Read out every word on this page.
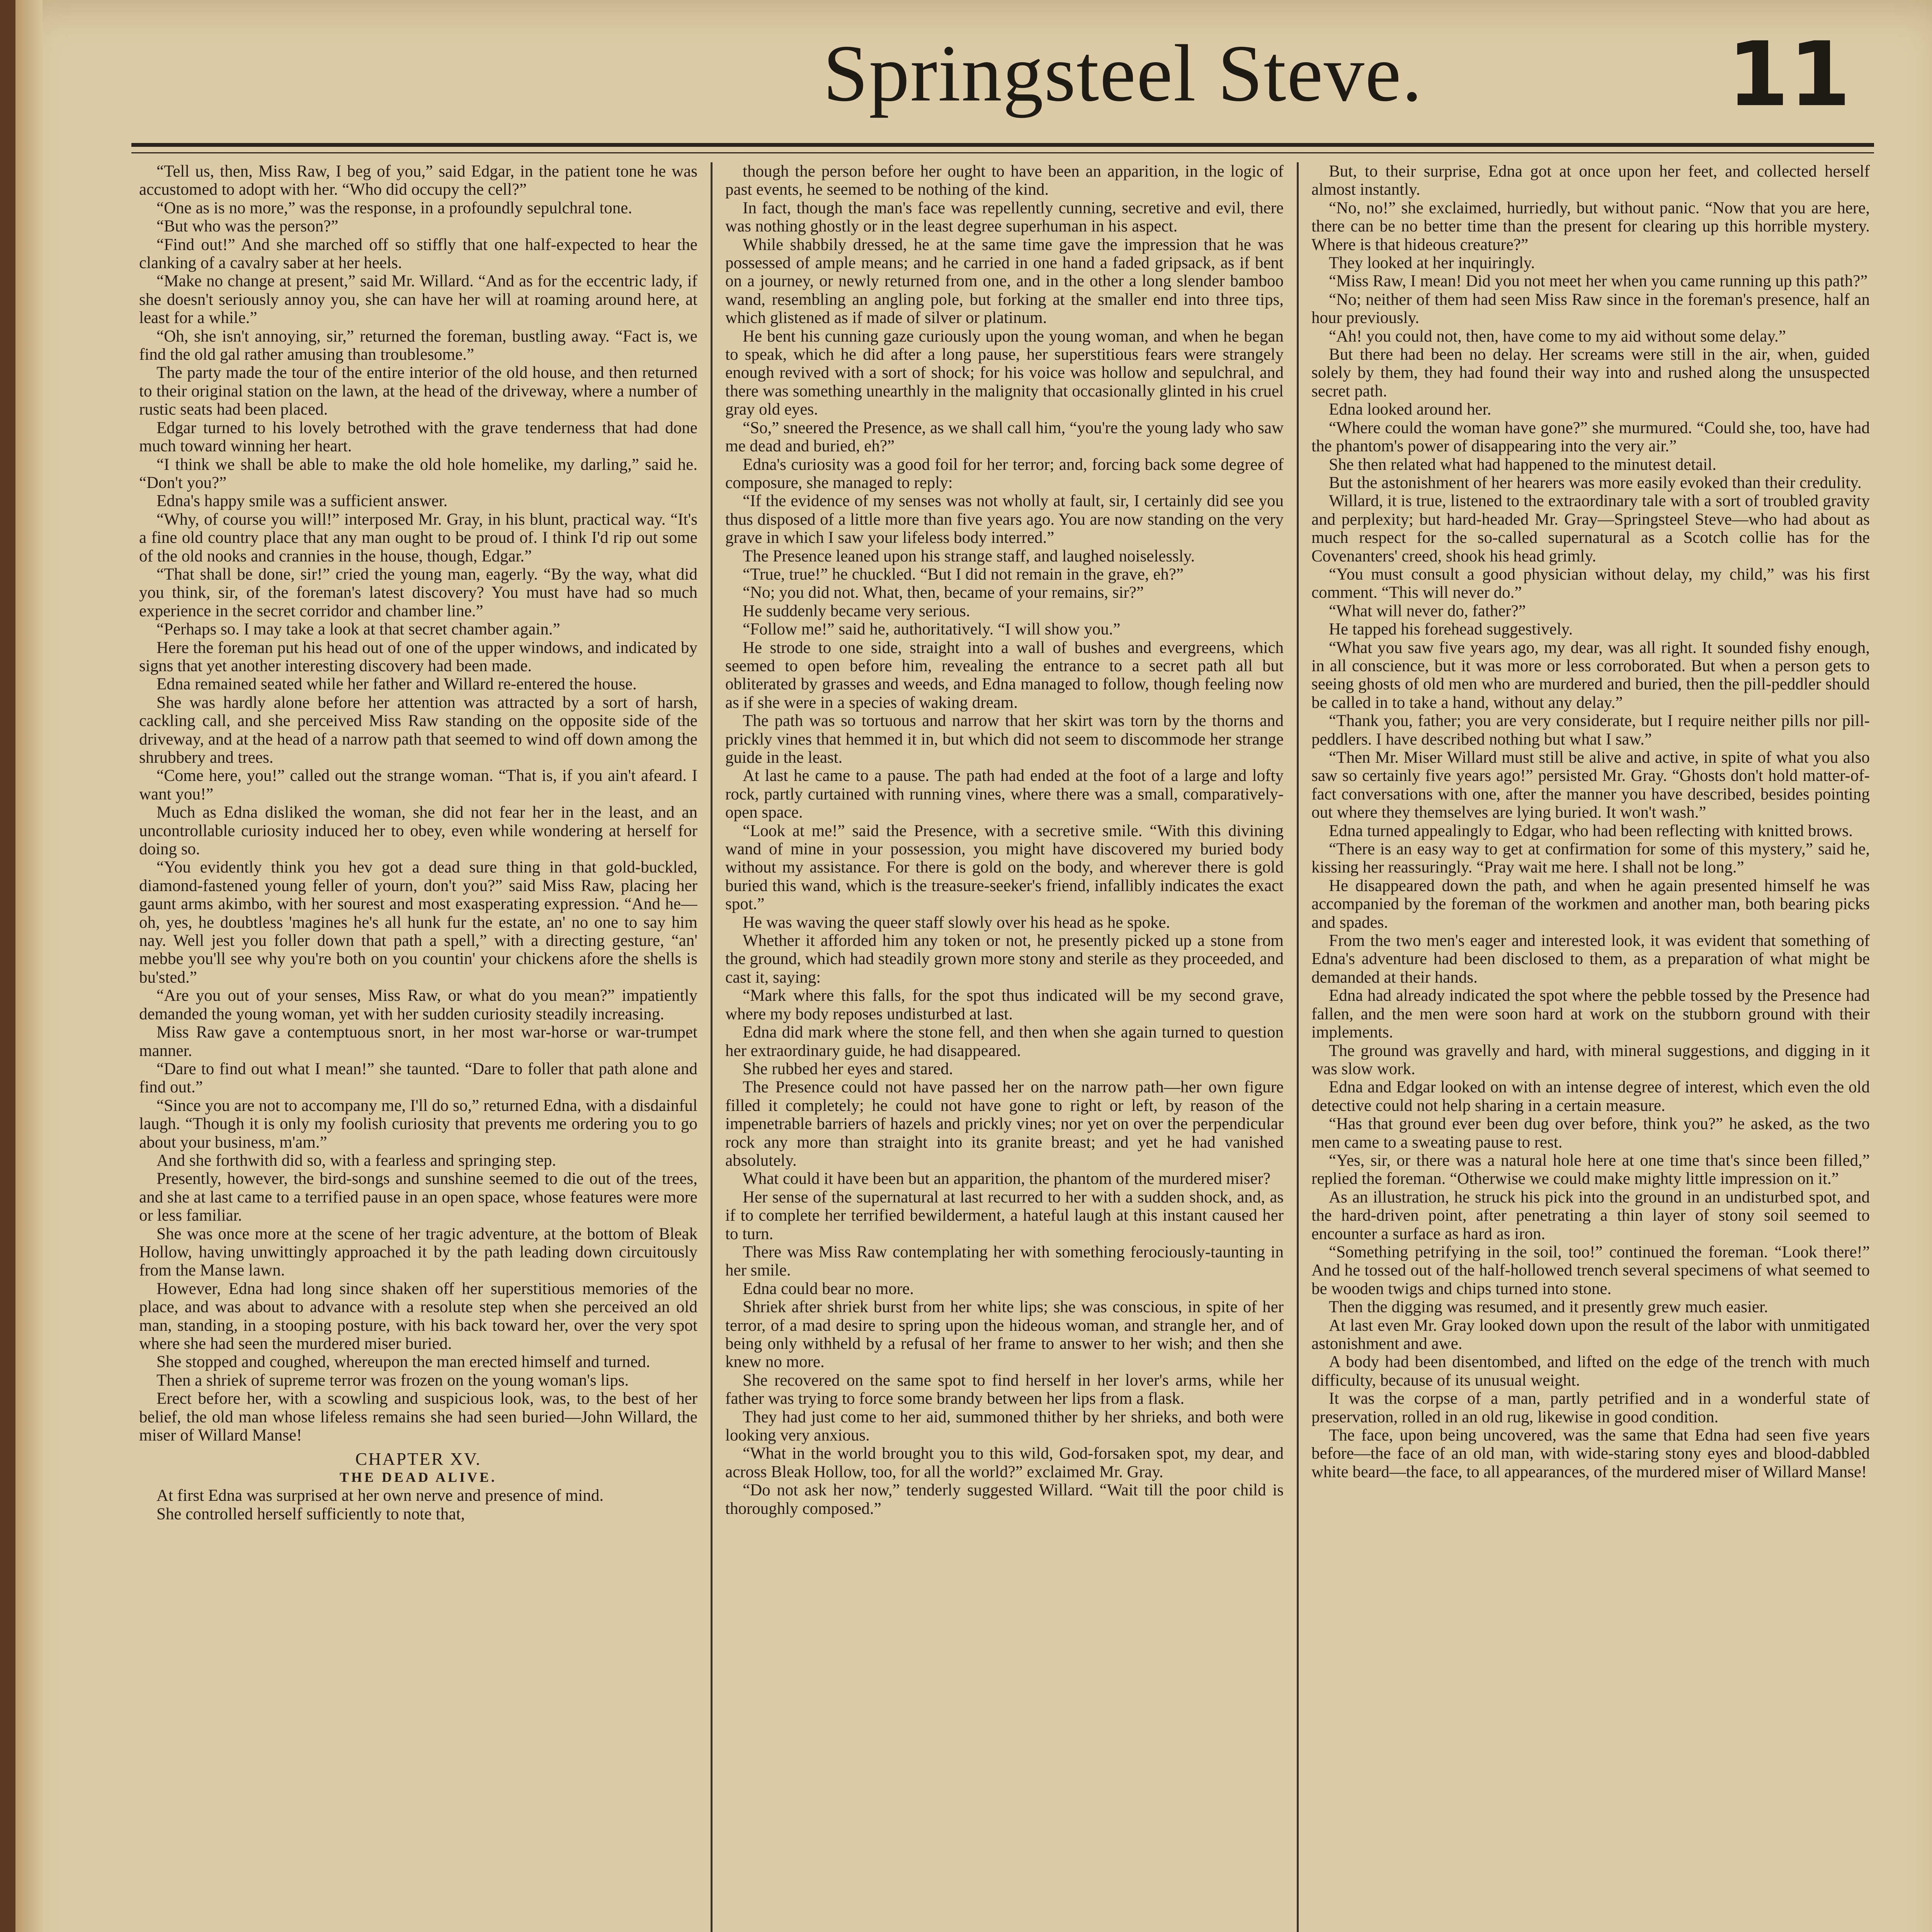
Springsteel Steve.	11

“Tell us, then, Miss Raw, I beg of you,” said Edgar, in the patient tone he was accustomed to adopt with her. “Who did occupy the cell?”

“One as is no more,” was the response, in a profoundly sepulchral tone.

“But who was the person?”

“Find out!” And she marched off so stiffly that one half-expected to hear the clanking of a cavalry saber at her heels.

“Make no change at present,” said Mr. Willard. “And as for the eccentric lady, if she doesn't seriously annoy you, she can have her will at roaming around here, at least for a while.”

“Oh, she isn't annoying, sir,” returned the foreman, bustling away. “Fact is, we find the old gal rather amusing than troublesome.”

The party made the tour of the entire interior of the old house, and then returned to their original station on the lawn, at the head of the driveway, where a number of rustic seats had been placed.

Edgar turned to his lovely betrothed with the grave tenderness that had done much toward winning her heart.

“I think we shall be able to make the old hole homelike, my darling,” said he. “Don't you?”

Edna's happy smile was a sufficient answer.

“Why, of course you will!” interposed Mr. Gray, in his blunt, practical way. “It's a fine old country place that any man ought to be proud of. I think I'd rip out some of the old nooks and crannies in the house, though, Edgar.”

“That shall be done, sir!” cried the young man, eagerly. “By the way, what did you think, sir, of the foreman's latest discovery? You must have had so much experience in the secret corridor and chamber line.”

“Perhaps so. I may take a look at that secret chamber again.”

Here the foreman put his head out of one of the upper windows, and indicated by signs that yet another interesting discovery had been made.

Edna remained seated while her father and Willard re-entered the house.

She was hardly alone before her attention was attracted by a sort of harsh, cackling call, and she perceived Miss Raw standing on the opposite side of the driveway, and at the head of a narrow path that seemed to wind off down among the shrubbery and trees.

“Come here, you!” called out the strange woman. “That is, if you ain't afeard. I want you!”

Much as Edna disliked the woman, she did not fear her in the least, and an uncontrollable curiosity induced her to obey, even while wondering at herself for doing so.

“You evidently think you hev got a dead sure thing in that gold-buckled, diamond-fastened young feller of yourn, don't you?” said Miss Raw, placing her gaunt arms akimbo, with her sourest and most exasperating expression. “And he—oh, yes, he doubtless 'magines he's all hunk fur the estate, an' no one to say him nay. Well jest you foller down that path a spell,” with a directing gesture, “an' mebbe you'll see why you're both on you countin' your chickens afore the shells is bu'sted.”

“Are you out of your senses, Miss Raw, or what do you mean?” impatiently demanded the young woman, yet with her sudden curiosity steadily increasing.

Miss Raw gave a contemptuous snort, in her most war-horse or war-trumpet manner.

“Dare to find out what I mean!” she taunted. “Dare to foller that path alone and find out.”

“Since you are not to accompany me, I'll do so,” returned Edna, with a disdainful laugh. “Though it is only my foolish curiosity that prevents me ordering you to go about your business, m'am.”

And she forthwith did so, with a fearless and springing step.

Presently, however, the bird-songs and sunshine seemed to die out of the trees, and she at last came to a terrified pause in an open space, whose features were more or less familiar.

She was once more at the scene of her tragic adventure, at the bottom of Bleak Hollow, having unwittingly approached it by the path leading down circuitously from the Manse lawn.

However, Edna had long since shaken off her superstitious memories of the place, and was about to advance with a resolute step when she perceived an old man, standing, in a stooping posture, with his back toward her, over the very spot where she had seen the murdered miser buried.

She stopped and coughed, whereupon the man erected himself and turned.

Then a shriek of supreme terror was frozen on the young woman's lips.

Erect before her, with a scowling and suspicious look, was, to the best of her belief, the old man whose lifeless remains she had seen buried—John Willard, the miser of Willard Manse!

CHAPTER XV.

THE DEAD ALIVE.

At first Edna was surprised at her own nerve and presence of mind.

She controlled herself sufficiently to note that,

though the person before her ought to have been an apparition, in the logic of past events, he seemed to be nothing of the kind.

In fact, though the man's face was repellently cunning, secretive and evil, there was nothing ghostly or in the least degree superhuman in his aspect.

While shabbily dressed, he at the same time gave the impression that he was possessed of ample means; and he carried in one hand a faded gripsack, as if bent on a journey, or newly returned from one, and in the other a long slender bamboo wand, resembling an angling pole, but forking at the smaller end into three tips, which glistened as if made of silver or platinum.

He bent his cunning gaze curiously upon the young woman, and when he began to speak, which he did after a long pause, her superstitious fears were strangely enough revived with a sort of shock; for his voice was hollow and sepulchral, and there was something unearthly in the malignity that occasionally glinted in his cruel gray old eyes.

“So,” sneered the Presence, as we shall call him, “you're the young lady who saw me dead and buried, eh?”

Edna's curiosity was a good foil for her terror; and, forcing back some degree of composure, she managed to reply:

“If the evidence of my senses was not wholly at fault, sir, I certainly did see you thus disposed of a little more than five years ago. You are now standing on the very grave in which I saw your lifeless body interred.”

The Presence leaned upon his strange staff, and laughed noiselessly.

“True, true!” he chuckled. “But I did not remain in the grave, eh?”

“No; you did not. What, then, became of your remains, sir?”

He suddenly became very serious.

“Follow me!” said he, authoritatively. “I will show you.”

He strode to one side, straight into a wall of bushes and evergreens, which seemed to open before him, revealing the entrance to a secret path all but obliterated by grasses and weeds, and Edna managed to follow, though feeling now as if she were in a species of waking dream.

The path was so tortuous and narrow that her skirt was torn by the thorns and prickly vines that hemmed it in, but which did not seem to discommode her strange guide in the least.

At last he came to a pause. The path had ended at the foot of a large and lofty rock, partly curtained with running vines, where there was a small, comparatively-open space.

“Look at me!” said the Presence, with a secretive smile. “With this divining wand of mine in your possession, you might have discovered my buried body without my assistance. For there is gold on the body, and wherever there is gold buried this wand, which is the treasure-seeker's friend, infallibly indicates the exact spot.”

He was waving the queer staff slowly over his head as he spoke.

Whether it afforded him any token or not, he presently picked up a stone from the ground, which had steadily grown more stony and sterile as they proceeded, and cast it, saying:

“Mark where this falls, for the spot thus indicated will be my second grave, where my body reposes undisturbed at last.

Edna did mark where the stone fell, and then when she again turned to question her extraordinary guide, he had disappeared.

She rubbed her eyes and stared.

The Presence could not have passed her on the narrow path—her own figure filled it completely; he could not have gone to right or left, by reason of the impenetrable barriers of hazels and prickly vines; nor yet on over the perpendicular rock any more than straight into its granite breast; and yet he had vanished absolutely.

What could it have been but an apparition, the phantom of the murdered miser?

Her sense of the supernatural at last recurred to her with a sudden shock, and, as if to complete her terrified bewilderment, a hateful laugh at this instant caused her to turn.

There was Miss Raw contemplating her with something ferociously-taunting in her smile.

Edna could bear no more.

Shriek after shriek burst from her white lips; she was conscious, in spite of her terror, of a mad desire to spring upon the hideous woman, and strangle her, and of being only withheld by a refusal of her frame to answer to her wish; and then she knew no more.

She recovered on the same spot to find herself in her lover's arms, while her father was trying to force some brandy between her lips from a flask.

They had just come to her aid, summoned thither by her shrieks, and both were looking very anxious.

“What in the world brought you to this wild, God-forsaken spot, my dear, and across Bleak Hollow, too, for all the world?” exclaimed Mr. Gray.

“Do not ask her now,” tenderly suggested Willard. “Wait till the poor child is thoroughly composed.”

But, to their surprise, Edna got at once upon her feet, and collected herself almost instantly.

“No, no!” she exclaimed, hurriedly, but without panic. “Now that you are here, there can be no better time than the present for clearing up this horrible mystery. Where is that hideous creature?”

They looked at her inquiringly.

“Miss Raw, I mean! Did you not meet her when you came running up this path?”

“No; neither of them had seen Miss Raw since in the foreman's presence, half an hour previously.

“Ah! you could not, then, have come to my aid without some delay.”

But there had been no delay. Her screams were still in the air, when, guided solely by them, they had found their way into and rushed along the unsuspected secret path.

Edna looked around her.

“Where could the woman have gone?” she murmured. “Could she, too, have had the phantom's power of disappearing into the very air.”

She then related what had happened to the minutest detail.

But the astonishment of her hearers was more easily evoked than their credulity.

Willard, it is true, listened to the extraordinary tale with a sort of troubled gravity and perplexity; but hard-headed Mr. Gray—Springsteel Steve—who had about as much respect for the so-called supernatural as a Scotch collie has for the Covenanters' creed, shook his head grimly.

“You must consult a good physician without delay, my child,” was his first comment. “This will never do.”

“What will never do, father?”

He tapped his forehead suggestively.

“What you saw five years ago, my dear, was all right. It sounded fishy enough, in all conscience, but it was more or less corroborated. But when a person gets to seeing ghosts of old men who are murdered and buried, then the pill-peddler should be called in to take a hand, without any delay.”

“Thank you, father; you are very considerate, but I require neither pills nor pill-peddlers. I have described nothing but what I saw.”

“Then Mr. Miser Willard must still be alive and active, in spite of what you also saw so certainly five years ago!” persisted Mr. Gray. “Ghosts don't hold matter-of-fact conversations with one, after the manner you have described, besides pointing out where they themselves are lying buried. It won't wash.”

Edna turned appealingly to Edgar, who had been reflecting with knitted brows.

“There is an easy way to get at confirmation for some of this mystery,” said he, kissing her reassuringly. “Pray wait me here. I shall not be long.”

He disappeared down the path, and when he again presented himself he was accompanied by the foreman of the workmen and another man, both bearing picks and spades.

From the two men's eager and interested look, it was evident that something of Edna's adventure had been disclosed to them, as a preparation of what might be demanded at their hands.

Edna had already indicated the spot where the pebble tossed by the Presence had fallen, and the men were soon hard at work on the stubborn ground with their implements.

The ground was gravelly and hard, with mineral suggestions, and digging in it was slow work.

Edna and Edgar looked on with an intense degree of interest, which even the old detective could not help sharing in a certain measure.

“Has that ground ever been dug over before, think you?” he asked, as the two men came to a sweating pause to rest.

“Yes, sir, or there was a natural hole here at one time that's since been filled,” replied the foreman. “Otherwise we could make mighty little impression on it.”

As an illustration, he struck his pick into the ground in an undisturbed spot, and the hard-driven point, after penetrating a thin layer of stony soil seemed to encounter a surface as hard as iron.

“Something petrifying in the soil, too!” continued the foreman. “Look there!” And he tossed out of the half-hollowed trench several specimens of what seemed to be wooden twigs and chips turned into stone.

Then the digging was resumed, and it presently grew much easier.

At last even Mr. Gray looked down upon the result of the labor with unmitigated astonishment and awe.

A body had been disentombed, and lifted on the edge of the trench with much difficulty, because of its unusual weight.

It was the corpse of a man, partly petrified and in a wonderful state of preservation, rolled in an old rug, likewise in good condition.

The face, upon being uncovered, was the same that Edna had seen five years before—the face of an old man, with wide-staring stony eyes and blood-dabbled white beard—the face, to all appearances, of the murdered miser of Willard Manse!
